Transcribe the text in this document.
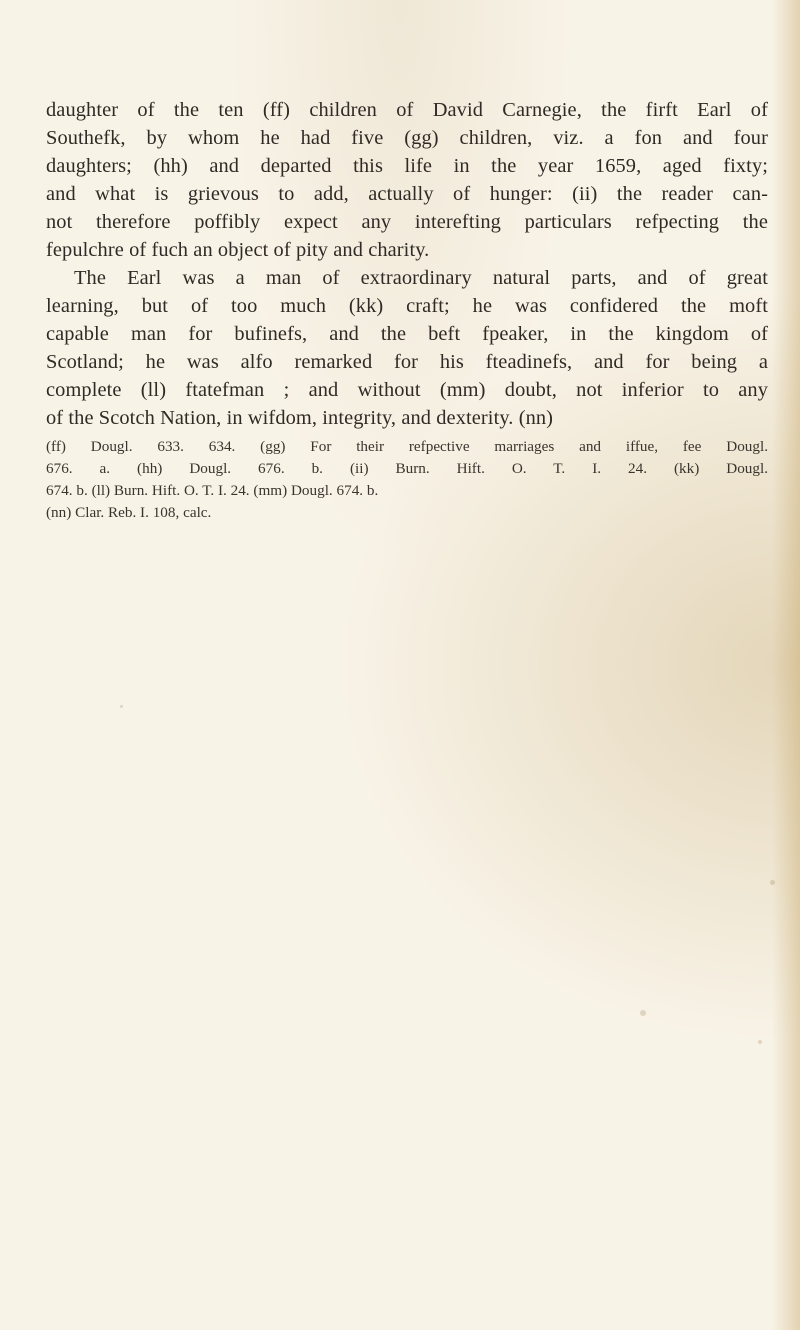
daughter of the ten (ff) children of David Carnegie, the firft Earl of
Southefk, by whom he had five (gg) children, viz. a fon and four
daughters; (hh) and departed this life in the year 1659, aged fixty;
and what is grievous to add, actually of hunger: (ii) the reader can-
not therefore poffibly expect any interefting particulars refpecting the
fepulchre of fuch an object of pity and charity.
The Earl was a man of extraordinary natural parts, and of great
learning, but of too much (kk) craft; he was confidered the moft
capable man for bufinefs, and the beft fpeaker, in the kingdom of
Scotland; he was alfo remarked for his fteadinefs, and for being a
complete (ll) ftatefman ; and without (mm) doubt, not inferior to any
of the Scotch Nation, in wifdom, integrity, and dexterity. (nn)
(ff) Dougl. 633. 634. (gg) For their refpective marriages and iffue, fee Dougl.
676. a. (hh) Dougl. 676. b. (ii) Burn. Hift. O. T. I. 24. (kk) Dougl.
674. b. (ll) Burn. Hift. O. T. I. 24. (mm) Dougl. 674. b.
(nn) Clar. Reb. I. 108, calc.
